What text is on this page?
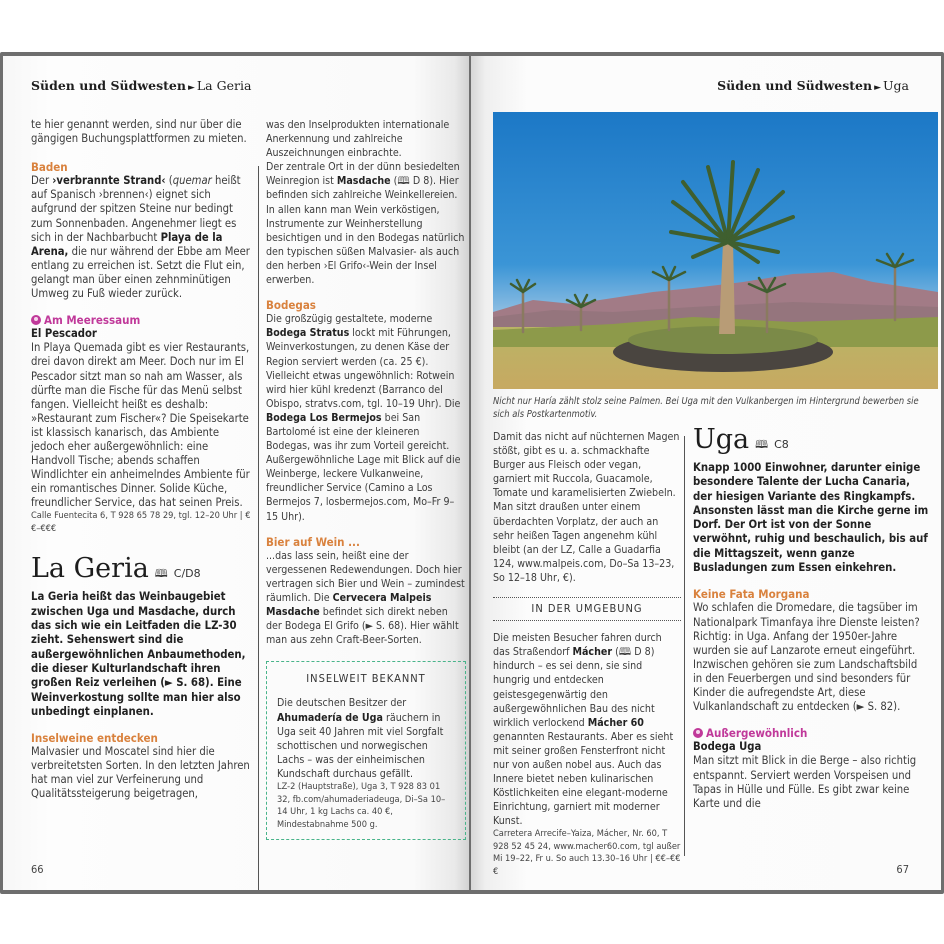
Süden und Südwesten ► La Geria

te hier genannt werden, sind nur über die gängigen Buchungsplattformen zu mieten.

Baden

Der ›verbrannte Strand‹ (quemar heißt auf Spanisch ›brennen‹) eignet sich aufgrund der spitzen Steine nur bedingt zum Sonnenbaden. Angenehmer liegt es sich in der Nachbarbucht Playa de la Arena, die nur während der Ebbe am Meer entlang zu erreichen ist. Setzt die Flut ein, gelangt man über einen zehnminütigen Umweg zu Fuß wieder zurück.

Am Meeressaum

El Pescador

In Playa Quemada gibt es vier Restaurants, drei davon direkt am Meer. Doch nur im El Pescador sitzt man so nah am Wasser, als dürfte man die Fische für das Menü selbst fangen. Vielleicht heißt es deshalb: »Restaurant zum Fischer«? Die Speisekarte ist klassisch kanarisch, das Ambiente jedoch eher außergewöhnlich: eine Handvoll Tische; abends schaffen Windlichter ein anheimelndes Ambiente für ein romantisches Dinner. Solide Küche, freundlicher Service, das hat seinen Preis.

Calle Fuentecita 6, T 928 65 78 29, tgl. 12–20 Uhr | €€–€€€

La Geria 🕮 C/D8

La Geria heißt das Weinbaugebiet zwischen Uga und Masdache, durch das sich wie ein Leitfaden die LZ-30 zieht. Sehenswert sind die außergewöhnlichen Anbaumethoden, die dieser Kulturlandschaft ihren großen Reiz verleihen (► S. 68). Eine Weinverkostung sollte man hier also unbedingt einplanen.

Inselweine entdecken

Malvasier und Moscatel sind hier die verbreitetsten Sorten. In den letzten Jahren hat man viel zur Verfeinerung und Qualitätssteigerung beigetragen,

was den Inselprodukten internationale Anerkennung und zahlreiche Auszeichnungen einbrachte.

Der zentrale Ort in der dünn besiedelten Weinregion ist Masdache (🕮 D 8). Hier befinden sich zahlreiche Weinkellereien. In allen kann man Wein verköstigen, Instrumente zur Weinherstellung besichtigen und in den Bodegas natürlich den typischen süßen Malvasier- als auch den herben ›El Grifo‹-Wein der Insel erwerben.

Bodegas

Die großzügig gestaltete, moderne Bodega Stratus lockt mit Führungen, Weinverkostungen, zu denen Käse der Region serviert werden (ca. 25 €). Vielleicht etwas ungewöhnlich: Rotwein wird hier kühl kredenzt (Barranco del Obispo, stratvs.com, tgl. 10–19 Uhr). Die Bodega Los Bermejos bei San Bartolomé ist eine der kleineren Bodegas, was ihr zum Vorteil gereicht. Außergewöhnliche Lage mit Blick auf die Weinberge, leckere Vulkanweine, freundlicher Service (Camino a Los Bermejos 7, losbermejos.com, Mo–Fr 9–15 Uhr).

Bier auf Wein ...

...das lass sein, heißt eine der vergessenen Redewendungen. Doch hier vertragen sich Bier und Wein – zumindest räumlich. Die Cervecera Malpeis Masdache befindet sich direkt neben der Bodega El Grifo (► S. 68). Hier wählt man aus zehn Craft-Beer-Sorten.

INSELWEIT BEKANNT

Die deutschen Besitzer der Ahumadería de Uga räuchern in Uga seit 40 Jahren mit viel Sorgfalt schottischen und norwegischen Lachs – was der einheimischen Kundschaft durchaus gefällt.

LZ-2 (Hauptstraße), Uga 3, T 928 83 01 32, fb.com/ahumaderiadeuga, Di–Sa 10–14 Uhr, 1 kg Lachs ca. 40 €, Mindestabnahme 500 g.

66
Süden und Südwesten ► Uga

Nicht nur Haría zählt stolz seine Palmen. Bei Uga mit den Vulkanbergen im Hintergrund bewerben sie sich als Postkartenmotiv.

Damit das nicht auf nüchternen Magen stößt, gibt es u. a. schmackhafte Burger aus Fleisch oder vegan, garniert mit Ruccola, Guacamole, Tomate und karamelisierten Zwiebeln. Man sitzt draußen unter einem überdachten Vorplatz, der auch an sehr heißen Tagen angenehm kühl bleibt (an der LZ, Calle a Guadarfia 124, www.malpeis.com, Do–Sa 13–23, So 12–18 Uhr, €).

IN DER UMGEBUNG

Die meisten Besucher fahren durch das Straßendorf Mácher (🕮 D 8) hindurch – es sei denn, sie sind hungrig und entdecken geistesgegenwärtig den außergewöhnlichen Bau des nicht wirklich verlockend Mácher 60 genannten Restaurants. Aber es sieht mit seiner großen Fensterfront nicht nur von außen nobel aus. Auch das Innere bietet neben kulinarischen Köstlichkeiten eine elegant-moderne Einrichtung, garniert mit moderner Kunst.

Carretera Arrecife–Yaiza, Mácher, Nr. 60, T 928 52 45 24, www.macher60.com, tgl außer Mi 19–22, Fr u. So auch 13.30–16 Uhr | €€–€€€

Uga 🕮 C8

Knapp 1000 Einwohner, darunter einige besondere Talente der Lucha Canaria, der hiesigen Variante des Ringkampfs. Ansonsten lässt man die Kirche gerne im Dorf. Der Ort ist von der Sonne verwöhnt, ruhig und beschaulich, bis auf die Mittagszeit, wenn ganze Busladungen zum Essen einkehren.

Keine Fata Morgana

Wo schlafen die Dromedare, die tagsüber im Nationalpark Timanfaya ihre Dienste leisten? Richtig: in Uga. Anfang der 1950er-Jahre wurden sie auf Lanzarote erneut eingeführt. Inzwischen gehören sie zum Landschaftsbild in den Feuerbergen und sind besonders für Kinder die aufregendste Art, diese Vulkanlandschaft zu entdecken (► S. 82).

Außergewöhnlich

Bodega Uga

Man sitzt mit Blick in die Berge – also richtig entspannt. Serviert werden Vorspeisen und Tapas in Hülle und Fülle. Es gibt zwar keine Karte und die

67
